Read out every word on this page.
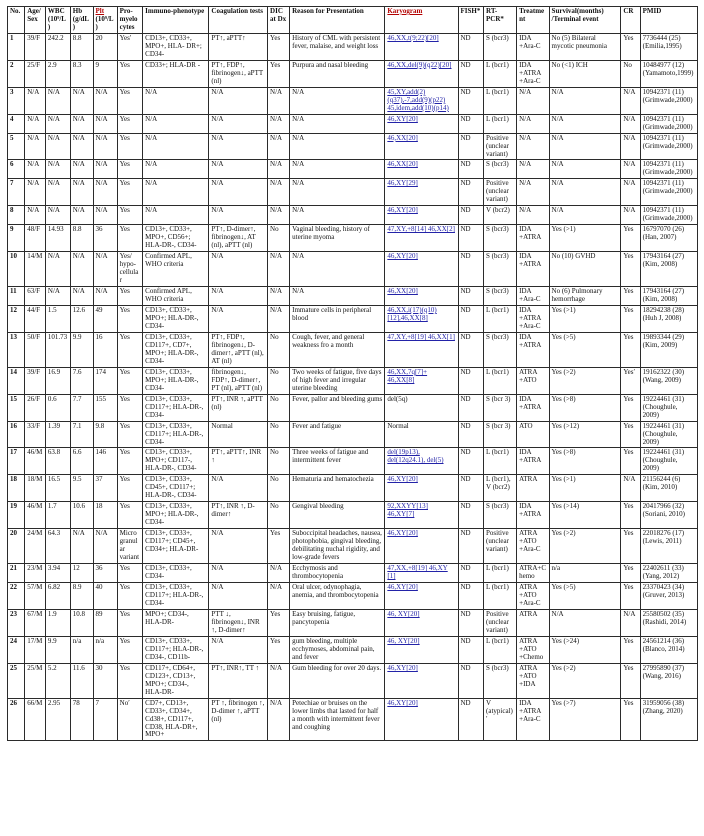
No.	Age/ Sex	WBC (10⁹/L)	Hb (g/dL)	Plt (10⁹/L)	Pro-myelocytes	Immuno-phenotype	Coagulation tests	DIC at Dx	Reason for Presentation	Karyogram	FISH*	RT-PCR*	Treatment	Survival(months) /Terminal event	CR	PMID
1	39/F	242.2	8.8	20	Yes′	CD13+, CD33+, MPO+, HLA- DR+; CD34-	PT↑, aPTT↑	Yes	History of CML with persistent fever, malaise, and weight loss	46,XX,t(9;22)[20]	ND	S (bcr3)	IDA +Ara-C	No (5) Bilateral mycotic pneumonia	Yes	7736444 (25) (Emilia,1995)
2	25/F	2.9	8.3	9	Yes	CD33+; HLA-DR -	PT↑, FDP↑, fibrinogen↓, aPTT (nl)	Yes	Purpura and nasal bleeding	46,XX,del(9)(q22)[20]	ND	L (bcr1)	IDA +ATRA +Ara-C	No (<1) ICH	No	10484977 (12) (Yamamoto,1999)
3	N/A	N/A	N/A	N/A	Yes	N/A	N/A	N/A	N/A	45,XY,add(2)(q37),-7,add(9)(p22) 45,idem,add(10)(p14)	ND	L (bcr1)	N/A	N/A	N/A	10942371 (11) (Grimwade,2000)
4	N/A	N/A	N/A	N/A	Yes	N/A	N/A	N/A	N/A	46,XY[20]	ND	L (bcr1)	N/A	N/A	N/A	10942371 (11) (Grimwade,2000)
5	N/A	N/A	N/A	N/A	Yes	N/A	N/A	N/A	N/A	46,XX[20]	ND	Positive (unclear variant)	N/A	N/A	N/A	10942371 (11) (Grimwade,2000)
6	N/A	N/A	N/A	N/A	Yes	N/A	N/A	N/A	N/A	46,XX[20]	ND	S (bcr3)	N/A	N/A	N/A	10942371 (11) (Grimwade,2000)
7	N/A	N/A	N/A	N/A	Yes	N/A	N/A	N/A	N/A	46,XY[29]	ND	Positive (unclear variant)	N/A	N/A	N/A	10942371 (11) (Grimwade,2000)
8	N/A	N/A	N/A	N/A	Yes	N/A	N/A	N/A	N/A	46,XY[20]	ND	V (bcr2)	N/A	N/A	N/A	10942371 (11) (Grimwade,2000)
9	48/F	14.93	8.8	36	Yes	CD13+, CD33+, MPO+, CD56+; HLA-DR-, CD34-	PT↑, D-dimer↑, fibrinogen↓, AT (nl), aPTT (nl)	No	Vaginal bleeding, history of uterine myoma	47,XY,+8[14] 46,XX[2]	ND	S (bcr3)	IDA +ATRA	Yes (>1)	Yes	16797070 (26) (Han, 2007)
10	14/M	N/A	N/A	N/A	Yes/ hypo-cellular	Confirmed APL, WHO criteria	N/A	N/A	N/A	46,XY[20]	ND	S (bcr3)	IDA +ATRA	No (10) GVHD	Yes	17943164 (27) (Kim, 2008)
11	63/F	N/A	N/A	N/A	Yes	Confirmed APL, WHO criteria	N/A	N/A	N/A	46,XX[20]	ND	S (bcr3)	IDA +Ara-C	No (6) Pulmonary hemorrhage	Yes	17943164 (27) (Kim, 2008)
12	44/F	1.5	12.6	49	Yes	CD13+, CD33+, MPO+; HLA-DR-, CD34-	N/A	N/A	Immature cells in peripheral blood	46,XX,i(17)(q10)[12],46,XX[8]	ND	L (bcr1)	IDA +ATRA +Ara-C	Yes (>1)	Yes	18294238 (28) (Huh J, 2008)
13	50/F	101.73	9.9	16	Yes	CD13+, CD33+, CD117+, CD7+, MPO+; HLA-DR-, CD34-	PT↑, FDP↑, fibrinogen↓, D-dimer↑, aPTT (nl), AT (nl)	No	Cough, fever, and general weakness fro a month	47,XY,+8[19] 46,XX[1]	ND	S (bcr3)	IDA +ATRA	Yes (>5)	Yes	19893344 (29) (Kim, 2009)
14	39/F	16.9	7.6	174	Yes	CD13+, CD33+, MPO+; HLA-DR-, CD34-	fibrinogen↓, FDP↑, D-dimer↑, PT (nl), aPTT (nl)	No	Two weeks of fatigue, five days of high fever and irregular uterine bleeding	46,XX,7q[7]+ 46,XX[8]	ND	L (bcr1)	ATRA +ATO	Yes (>2)	Yes′	19162322 (30) (Wang, 2009)
15	26/F	0.6	7.7	155	Yes	CD13+, CD33+, CD117+; HLA-DR-, CD34-	PT↑, INR ↑, aPTT (nl)	No	Fever, pallor and bleeding gums	del(5q)	ND	S (bcr 3)	IDA +ATRA	Yes (>8)	Yes	19224461 (31) (Choughule, 2009)
16	33/F	1.39	7.1	9.8	Yes	CD13+, CD33+, CD117+; HLA-DR-, CD34-	Normal	No	Fever and fatigue	Normal	ND	S (bcr 3)	ATO	Yes (>12)	Yes	19224461 (31) (Choughule, 2009)
17	46/M	63.8	6.6	146	Yes	CD13+, CD33+, MPO+; CD117-, HLA-DR-, CD34-	PT↑, aPTT↑, INR ↑	No	Three weeks of fatigue and intermittent fever	del(19p13), del(12q24.1), del(5)	ND	L (bcr1)	IDA +ATRA	Yes (>8)	Yes	19224461 (31) (Choughule, 2009)
18	18/M	16.5	9.5	37	Yes	CD13+, CD33+, CD45+, CD117+; HLA-DR-, CD34-	N/A	No	Hematuria and hematochezia	46,XY[20]	ND	L (bcr1), V (bcr2)	ATRA	Yes (>1)	N/A	21156244 (6) (Kim, 2010)
19	46/M	1.7	10.6	18	Yes	CD13+, CD33+, MPO+; HLA-DR-, CD34-	PT↑, INR ↑, D-dimer↑	No	Gengival bleeding	92,XXYY[13] 46,XY[7]	ND	S (bcr3)	IDA +ATRA	Yes (>14)	Yes	20417966 (32) (Soriani, 2010)
20	24/M	64.3	N/A	N/A	Microgranular variant	CD13+, CD33+, CD117+; CD45+, CD34+; HLA-DR-	N/A	Yes	Suboccipital headaches, nausea, photophobia, gingival bleeding, debilitating nuchal rigidity, and low-grade fevers	46,XY[20]	ND	Positive (unclear variant)	ATRA +ATO +Ara-C	Yes (>2)	Yes	22018276 (17) (Lewis, 2011)
21	23/M	3.94	12	36	Yes	CD13+, CD33+, CD34-	N/A	N/A	Ecchymosis and thrombocytopenia	47,XX,+8[19] 46,XY [1]	ND	L (bcr1)	ATRA+Chemo	n/a	Yes	22402611 (33) (Yang, 2012)
22	57/M	6.82	8.9	40	Yes	CD13+, CD33+, CD117+; HLA-DR-, CD34-	N/A	N/A	Oral ulcer, odynophagia, anemia, and thrombocytopenia	46,XY[20]	ND	L (bcr1)	ATRA +ATO +Ara-C	Yes (>5)	Yes	23370423 (34) (Gruver, 2013)
23	67/M	1.9	10.8	89	Yes	MPO+; CD34-, HLA-DR-	PTT ↓, fibrinogen↓, INR ↑, D-dimer↑	Yes	Easy bruising, fatigue, pancytopenia	46, XY[20]	ND	Positive (unclear variant)	ATRA	N/A	N/A	25580502 (35) (Rashidi, 2014)
24	17/M	9.9	n/a	n/a	Yes	CD13+, CD33+, CD117+; HLA-DR-, CD34-, CD11b-	N/A	Yes	gum bleeding, multiple ecchymoses, abdominal pain, and fever	46, XY[20]	ND	L (bcr1)	ATRA +ATO +Chemo	Yes (>24)	Yes	24561214 (36) (Blanco, 2014)
25	25/M	5.2	11.6	30	Yes	CD117+, CD64+, CD123+, CD13+, MPO+; CD34-, HLA-DR-	PT↑, INR↑, TT ↑	N/A	Gum bleeding for over 20 days.	46,XY[20]	ND	S (bcr3)	ATRA +ATO +IDA	Yes (>2)	Yes	27995890 (37) (Wang, 2016)
26	66/M	2.95	78	7	No′	CD7+, CD13+, CD33+, CD34+, Cd38+, CD117+, CD38, HLA-DR+, MPO+	PT ↑, fibrinogen ↑, D-dimer ↑, aPTT (nl)	N/A	Petechiae or bruises on the lower limbs that lasted for half a month with intermittent fever and coughing	46,XY[20]	ND	V (atypical)′	IDA +ATRA +Ara-C	Yes (>7)	Yes	31959056 (38) (Zhang, 2020)
